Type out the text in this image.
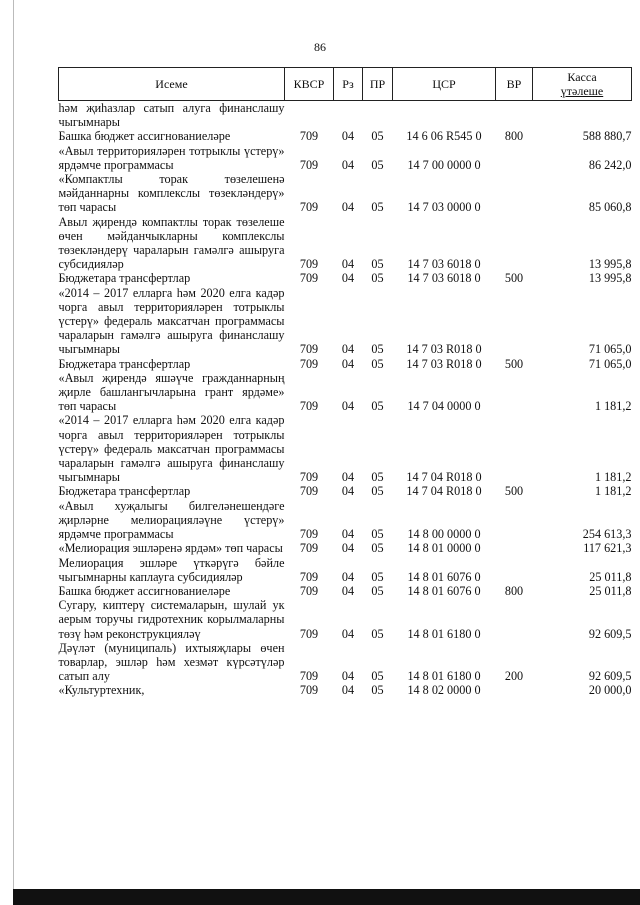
86
Исеме	КВСР	Рз	ПР	ЦСР	ВР	Касса
үтәлеше
һәм җиһазлар сатып алуга финанслашу чыгымнары						
Башка бюджет ассигнованиеләре	709	04	05	14 6 06 R545 0	800	588 880,7
«Авыл территорияләрен тотрыклы үстерү» ярдәмче программасы	709	04	05	14 7 00 0000 0		86 242,0
«Компактлы торак төзелешенә мәйданнарны комплекслы төзекләндерү» төп чарасы	709	04	05	14 7 03 0000 0		85 060,8
Авыл җирендә компактлы торак төзелеше өчен мәйданчыкларны комплекслы төзекләндерү чараларын гамәлгә ашыруга субсидияләр	709	04	05	14 7 03 6018 0		13 995,8
Бюджетара трансфертлар	709	04	05	14 7 03 6018 0	500	13 995,8
«2014 – 2017 елларга һәм 2020 елга кадәр чорга авыл территорияләрен тотрыклы үстерү» федераль максатчан программасы чараларын гамәлгә ашыруга финанслашу чыгымнары	709	04	05	14 7 03 R018 0		71 065,0
Бюджетара трансфертлар	709	04	05	14 7 03 R018 0	500	71 065,0
«Авыл җирендә яшәүче гражданнарның җирле башлангычларына грант ярдәме» төп чарасы	709	04	05	14 7 04 0000 0		1 181,2
«2014 – 2017 елларга һәм 2020 елга кадәр чорга авыл территорияләрен тотрыклы үстерү» федераль максатчан программасы чараларын гамәлгә ашыруга финанслашу чыгымнары	709	04	05	14 7 04 R018 0		1 181,2
Бюджетара трансфертлар	709	04	05	14 7 04 R018 0	500	1 181,2
«Авыл хуҗалыгы билгеләнешендәге җирләрне мелиорацияләүне үстерү» ярдәмче программасы	709	04	05	14 8 00 0000 0		254 613,3
«Мелиорация эшләренә ярдәм» төп чарасы	709	04	05	14 8 01 0000 0		117 621,3
Мелиорация эшләре үткәрүгә бәйле чыгымнарны каплауга субсидияләр	709	04	05	14 8 01 6076 0		25 011,8
Башка бюджет ассигнованиеләре	709	04	05	14 8 01 6076 0	800	25 011,8
Сугару, киптерү системаларын, шулай ук аерым торучы гидротехник корылмаларны төзү һәм реконструкцияләү	709	04	05	14 8 01 6180 0		92 609,5
Дәүләт (муниципаль) ихтыяҗлары өчен товарлар, эшләр һәм хезмәт күрсәтүләр сатып алу	709	04	05	14 8 01 6180 0	200	92 609,5
«Культуртехник,	709	04	05	14 8 02 0000 0		20 000,0
